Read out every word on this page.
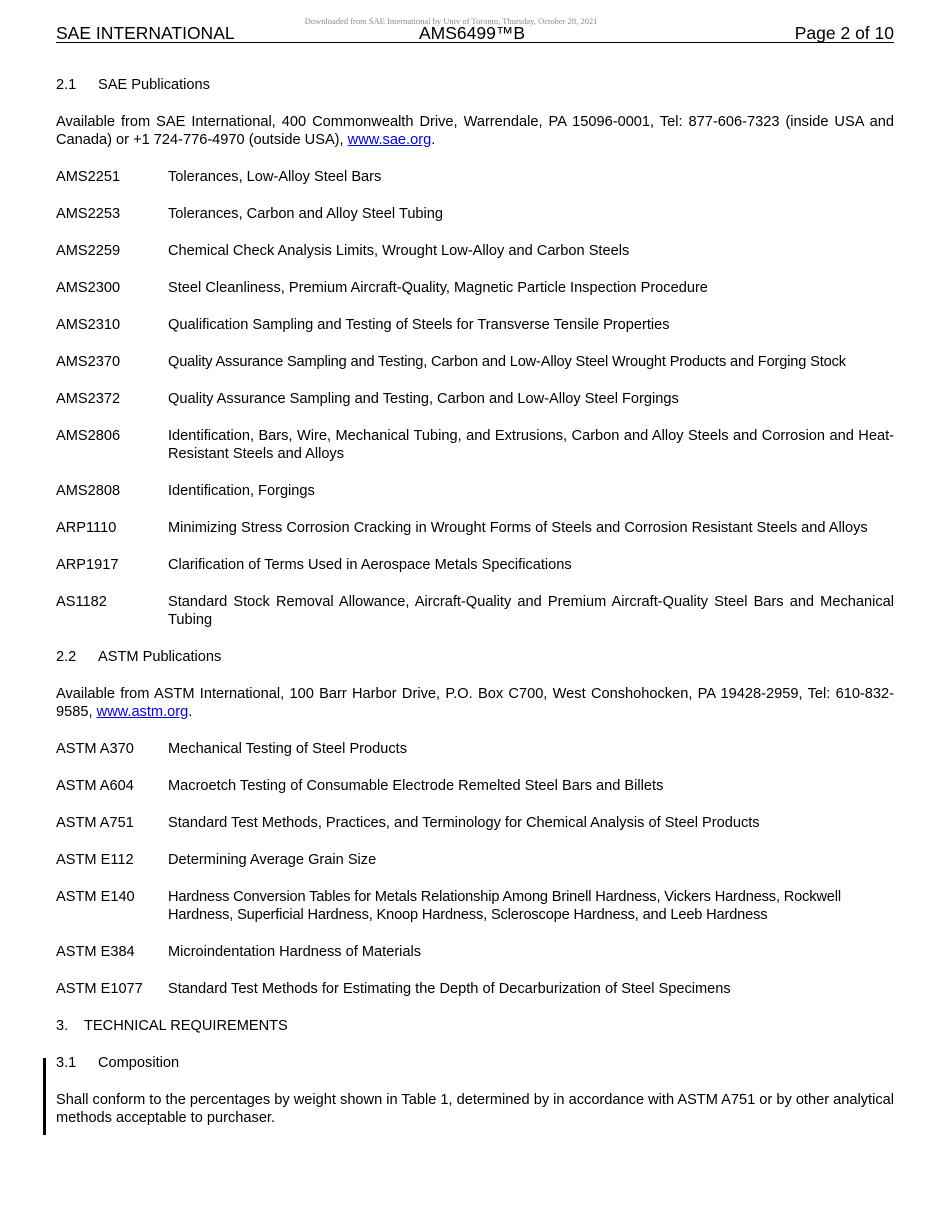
Downloaded from SAE International by Univ of Toronto, Thursday, October 28, 2021
SAE INTERNATIONAL	AMS6499™B	Page 2 of 10
2.1 SAE Publications
Available from SAE International, 400 Commonwealth Drive, Warrendale, PA 15096-0001, Tel: 877-606-7323 (inside USA and Canada) or +1 724-776-4970 (outside USA), www.sae.org.
AMS2251	Tolerances, Low-Alloy Steel Bars
AMS2253	Tolerances, Carbon and Alloy Steel Tubing
AMS2259	Chemical Check Analysis Limits, Wrought Low-Alloy and Carbon Steels
AMS2300	Steel Cleanliness, Premium Aircraft-Quality, Magnetic Particle Inspection Procedure
AMS2310	Qualification Sampling and Testing of Steels for Transverse Tensile Properties
AMS2370	Quality Assurance Sampling and Testing, Carbon and Low-Alloy Steel Wrought Products and Forging Stock
AMS2372	Quality Assurance Sampling and Testing, Carbon and Low-Alloy Steel Forgings
AMS2806	Identification, Bars, Wire, Mechanical Tubing, and Extrusions, Carbon and Alloy Steels and Corrosion and Heat-Resistant Steels and Alloys
AMS2808	Identification, Forgings
ARP1110	Minimizing Stress Corrosion Cracking in Wrought Forms of Steels and Corrosion Resistant Steels and Alloys
ARP1917	Clarification of Terms Used in Aerospace Metals Specifications
AS1182	Standard Stock Removal Allowance, Aircraft-Quality and Premium Aircraft-Quality Steel Bars and Mechanical Tubing
2.2 ASTM Publications
Available from ASTM International, 100 Barr Harbor Drive, P.O. Box C700, West Conshohocken, PA 19428-2959, Tel: 610-832-9585, www.astm.org.
ASTM A370	Mechanical Testing of Steel Products
ASTM A604	Macroetch Testing of Consumable Electrode Remelted Steel Bars and Billets
ASTM A751	Standard Test Methods, Practices, and Terminology for Chemical Analysis of Steel Products
ASTM E112	Determining Average Grain Size
ASTM E140	Hardness Conversion Tables for Metals Relationship Among Brinell Hardness, Vickers Hardness, Rockwell Hardness, Superficial Hardness, Knoop Hardness, Scleroscope Hardness, and Leeb Hardness
ASTM E384	Microindentation Hardness of Materials
ASTM E1077	Standard Test Methods for Estimating the Depth of Decarburization of Steel Specimens
3. TECHNICAL REQUIREMENTS
3.1 Composition
Shall conform to the percentages by weight shown in Table 1, determined by in accordance with ASTM A751 or by other analytical methods acceptable to purchaser.
